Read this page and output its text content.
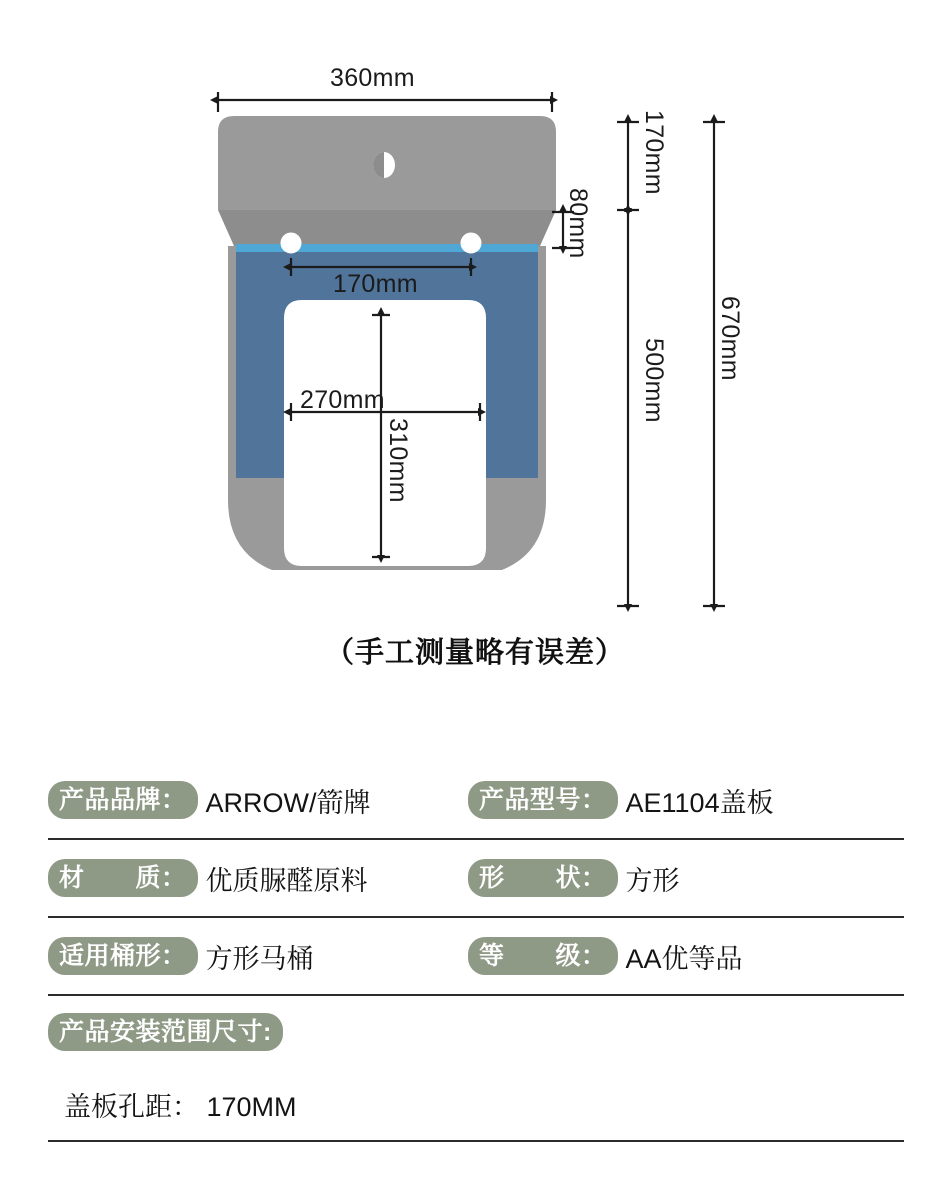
360mm
170mm
270mm
310mm
80mm
170mm
500mm 670mm
（手工测量略有误差）
产品品牌： ARROW/箭牌	产品型号： AE1104盖板
材　　质： 优质脲醛原料	形　　状： 方形
适用桶形： 方形马桶	等　　级： AA优等品
产品安装范围尺寸:
盖板孔距： 170MM
